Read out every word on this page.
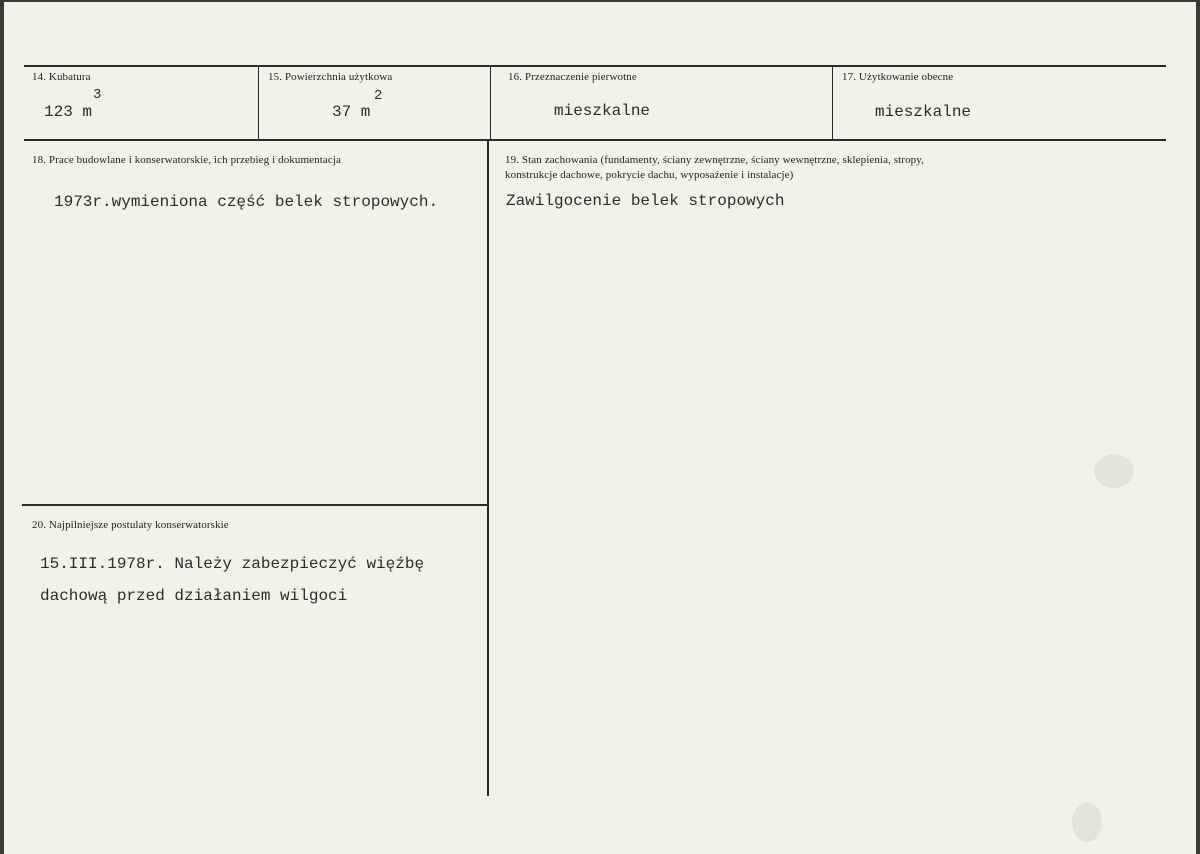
14. Kubatura
123 m
3
15. Powierzchnia użytkowa
37 m
2
16. Przeznaczenie pierwotne
mieszkalne
17. Użytkowanie obecne
mieszkalne
18. Prace budowlane i konserwatorskie, ich przebieg i dokumentacja
1973r.wymieniona część belek stropowych.
19. Stan zachowania (fundamenty, ściany zewnętrzne, ściany wewnętrzne, sklepienia, stropy,
konstrukcje dachowe, pokrycie dachu, wyposażenie i instalacje)
Zawilgocenie belek stropowych
20. Najpilniejsze postulaty konserwatorskie
15.III.1978r. Należy zabezpieczyć więźbę
dachową przed działaniem wilgoci
